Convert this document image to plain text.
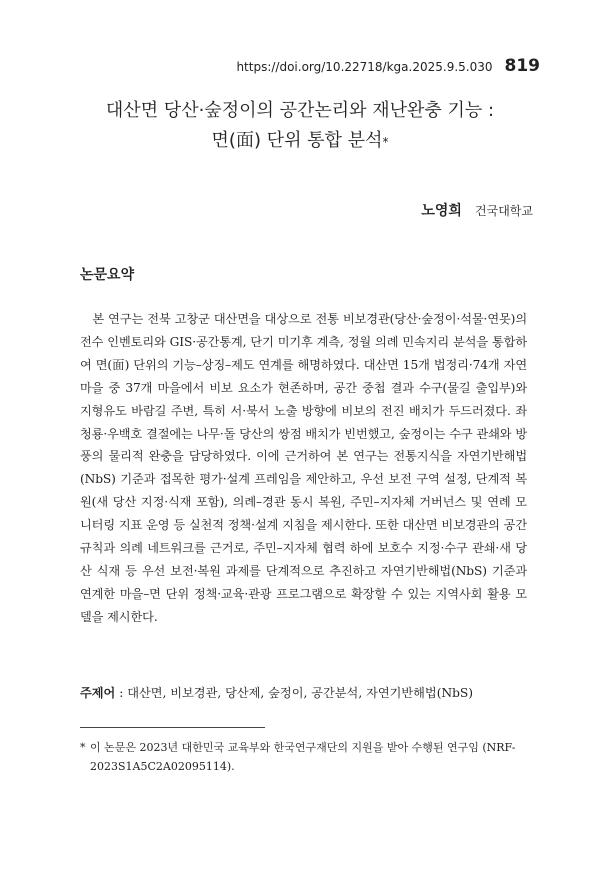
https://doi.org/10.22718/kga.2025.9.5.030 819
대산면 당산·숲정이의 공간논리와 재난완충 기능 :
면(面) 단위 통합 분석*
노영희 건국대학교
논문요약

본 연구는 전북 고창군 대산면을 대상으로 전통 비보경관(당산·숲정이·석물·연못)의 전수 인벤토리와 GIS·공간통계, 단기 미기후 계측, 정월 의례 민속지리 분석을 통합하여 면(面) 단위의 기능–상징–제도 연계를 해명하였다. 대산면 15개 법정리·74개 자연마을 중 37개 마을에서 비보 요소가 현존하며, 공간 중첩 결과 수구(물길 출입부)와 지형유도 바람길 주변, 특히 서·북서 노출 방향에 비보의 전진 배치가 두드러졌다. 좌청룡·우백호 결절에는 나무·돌 당산의 쌍점 배치가 빈번했고, 숲정이는 수구 관쇄와 방풍의 물리적 완충을 담당하였다. 이에 근거하여 본 연구는 전통지식을 자연기반해법(NbS) 기준과 접목한 평가·설계 프레임을 제안하고, 우선 보전 구역 설정, 단계적 복원(새 당산 지정·식재 포함), 의례–경관 동시 복원, 주민–지자체 거버넌스 및 연례 모니터링 지표 운영 등 실천적 정책·설계 지침을 제시한다. 또한 대산면 비보경관의 공간규칙과 의례 네트워크를 근거로, 주민–지자체 협력 하에 보호수 지정·수구 관쇄·새 당산 식재 등 우선 보전·복원 과제를 단계적으로 추진하고 자연기반해법(NbS) 기준과 연계한 마을–면 단위 정책·교육·관광 프로그램으로 확장할 수 있는 지역사회 활용 모델을 제시한다.

주제어 : 대산면, 비보경관, 당산제, 숲정이, 공간분석, 자연기반해법(NbS)
* 이 논문은 2023년 대한민국 교육부와 한국연구재단의 지원을 받아 수행된 연구임 (NRF-2023S1A5C2A02095114).
